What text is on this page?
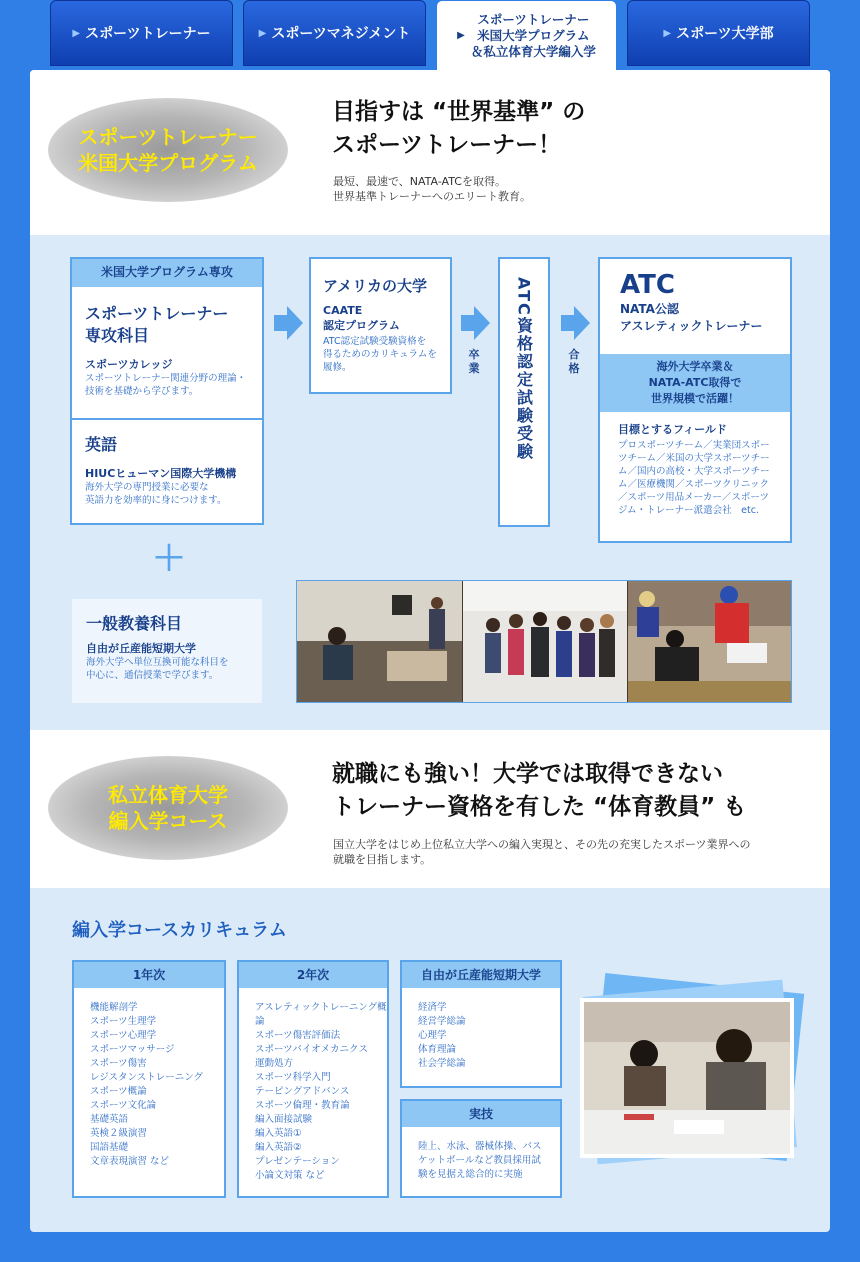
▶ スポーツトレーナー	▶ スポーツマネジメント	▶
スポーツトレーナー
米国大学プログラム
＆私立体育大学編入学
▶ スポーツ大学部
スポーツトレーナー
米国大学プログラム
目指すは “世界基準” の
スポーツトレーナー！
最短、最速で、NATA-ATCを取得。
世界基準トレーナーへのエリート教育。
米国大学プログラム専攻
スポーツトレーナー
専攻科目
スポーツカレッジ
スポーツトレーナー関連分野の理論・
技術を基礎から学びます。
英語
HIUCヒューマン国際大学機構
海外大学の専門授業に必要な
英語力を効率的に身につけます。
アメリカの大学
CAATE
認定プログラム
ATC認定試験受験資格を
得るためのカリキュラムを
履修。
卒業 ATC資格認定試験受験	合格
ATC
NATA公認
アスレティックトレーナー
海外大学卒業＆
NATA-ATC取得で
世界規模で活躍！
目標とするフィールド
プロスポーツチーム／実業団スポー
ツチーム／米国の大学スポーツチー
ム／国内の高校・大学スポーツチー
ム／医療機関／スポーツクリニック
／スポーツ用品メーカー／スポーツ
ジム・トレーナー派遣会社　etc.
＋
一般教養科目
自由が丘産能短期大学
海外大学へ単位互換可能な科目を
中心に、通信授業で学びます。
私立体育大学
編入学コース
就職にも強い！大学では取得できない
トレーナー資格を有した “体育教員” も
国立大学をはじめ上位私立大学への編入実現と、その先の充実したスポーツ業界への
就職を目指します。
編入学コースカリキュラム
1年次
機能解剖学
スポーツ生理学
スポーツ心理学
スポーツマッサージ
スポーツ傷害
レジスタンストレーニング
スポーツ概論
スポーツ文化論
基礎英語
英検２級演習
国語基礎
文章表現演習 など
2年次
アスレティックトレーニング概論
スポーツ傷害評価法
スポーツバイオメカニクス
運動処方
スポーツ科学入門
テーピングアドバンス
スポーツ倫理・教育論
編入面接試験
編入英語①
編入英語②
プレゼンテーション
小論文対策 など
自由が丘産能短期大学
経済学
経営学総論
心理学
体育理論
社会学総論
実技
陸上、水泳、器械体操、バス
ケットボールなど教員採用試
験を見据え総合的に実施
